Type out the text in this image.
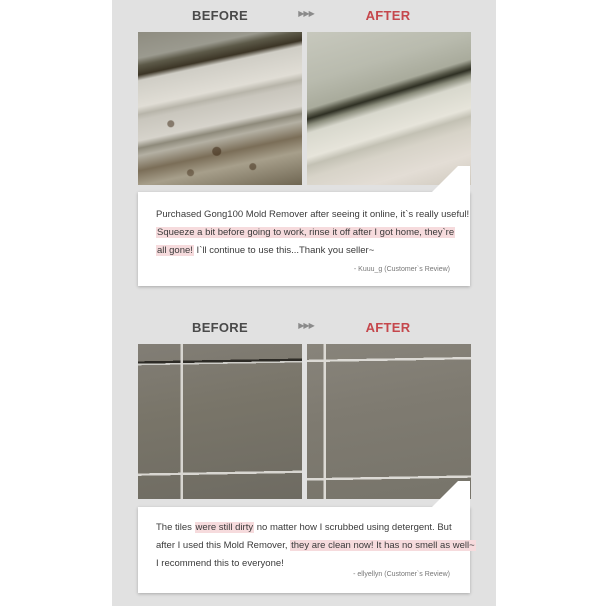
BEFORE	▶▶▶	AFTER
Purchased Gong100 Mold Remover after seeing it online, it`s really useful!
Squeeze a bit before going to work, rinse it off after I got home, they`re
all gone! I`ll continue to use this...Thank you seller~
- Kuuu_g (Customer`s Review)
BEFORE	▶▶▶	AFTER
The tiles were still dirty no matter how I scrubbed using detergent. But
after I used this Mold Remover, they are clean now! It has no smell as well~
I recommend this to everyone!
- ellyellyn (Customer`s Review)
